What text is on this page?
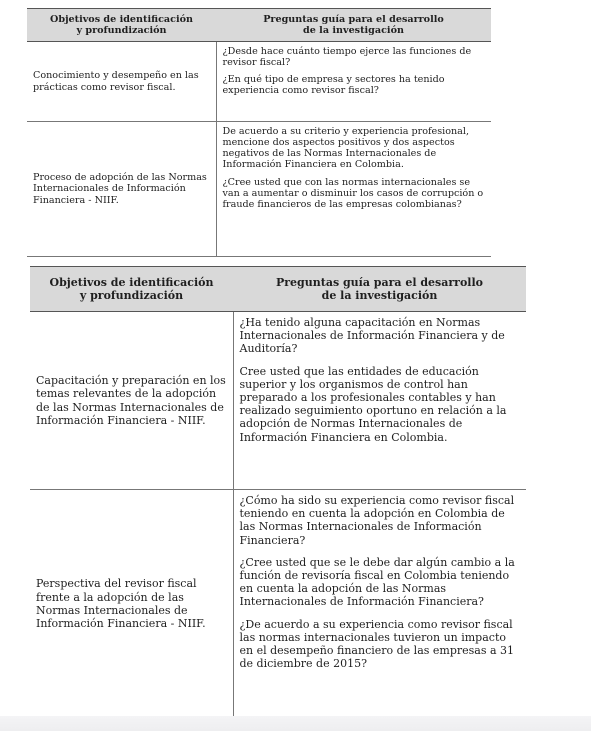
Objetivos de identificación
y profundización	Preguntas guía para el desarrollo
de la investigación
Conocimiento y desempeño en las prácticas como revisor fiscal.	¿Desde hace cuánto tiempo ejerce las funciones de revisor fiscal?

¿En qué tipo de empresa y sectores ha tenido experiencia como revisor fiscal?

Proceso de adopción de las Normas Internacionales de Información Financiera - NIIF.	De acuerdo a su criterio y experiencia profesional, mencione dos aspectos positivos y dos aspectos negativos de las Normas Internacionales de Información Financiera en Colombia.

¿Cree usted que con las normas internacionales se van a aumentar o disminuir los casos de corrupción o fraude financieros de las empresas colombianas?

Objetivos de identificación
y profundización	Preguntas guía para el desarrollo
de la investigación
Capacitación y preparación en los temas relevantes de la adopción de las Normas Internacionales de Información Financiera - NIIF.	¿Ha tenido alguna capacitación en Normas Internacionales de Información Financiera y de Auditoría?

Cree usted que las entidades de educación superior y los organismos de control han preparado a los profesionales contables y han realizado seguimiento oportuno en relación a la adopción de Normas Internacionales de Información Financiera en Colombia.

Perspectiva del revisor fiscal frente a la adopción de las Normas Internacionales de Información Financiera - NIIF.	¿Cómo ha sido su experiencia como revisor fiscal teniendo en cuenta la adopción en Colombia de las Normas Internacionales de Información Financiera?

¿Cree usted que se le debe dar algún cambio a la función de revisoría fiscal en Colombia teniendo en cuenta la adopción de las Normas Internacionales de Información Financiera?

¿De acuerdo a su experiencia como revisor fiscal las normas internacionales tuvieron un impacto en el desempeño financiero de las empresas a 31 de diciembre de 2015?
